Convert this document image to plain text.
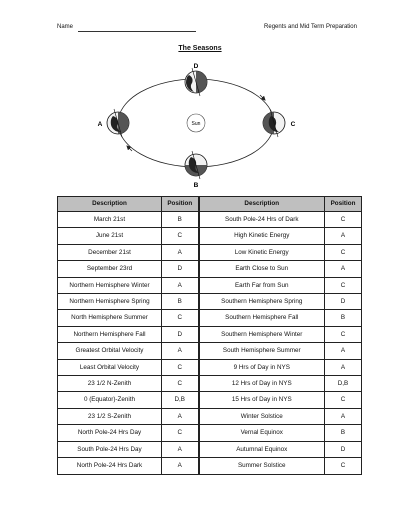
Name	Regents and Mid Term Preparation
The Seasons
Sun
D
C
B
A
Description	Position	Description	Position
March 21st	B	South Pole-24 Hrs of Dark	C
June 21st	C	High Kinetic Energy	A
December 21st	A	Low Kinetic Energy	C
September 23rd	D	Earth Close to Sun	A
Northern Hemisphere Winter	A	Earth Far from Sun	C
Northern Hemisphere Spring	B	Southern Hemisphere Spring	D
North Hemisphere Summer	C	Southern Hemisphere Fall	B
Northern Hemisphere Fall	D	Southern Hemisphere Winter	C
Greatest Orbital Velocity	A	South Hemisphere Summer	A
Least Orbital Velocity	C	9 Hrs of Day in NYS	A
23 1/2 N-Zenith	C	12 Hrs of Day in NYS	D,B
0 (Equator)-Zenith	D,B	15 Hrs of Day in NYS	C
23 1/2 S-Zenith	A	Winter Solstice	A
North Pole-24 Hrs Day	C	Vernal Equinox	B
South Pole-24 Hrs Day	A	Autumnal Equinox	D
North Pole-24 Hrs Dark	A	Summer Solstice	C
